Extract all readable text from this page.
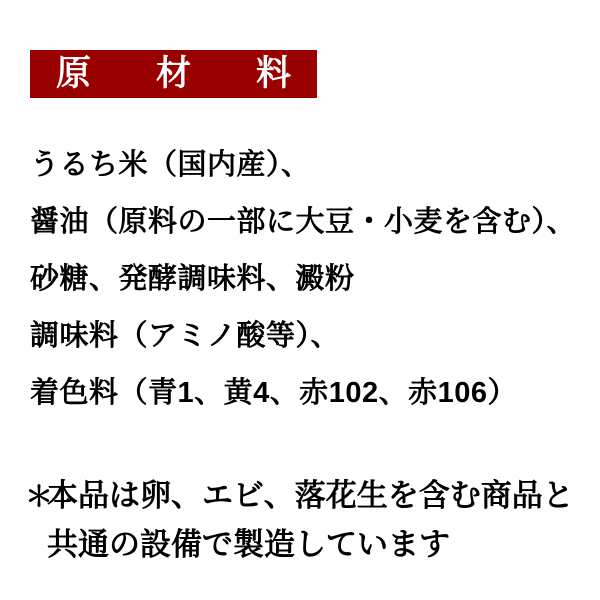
原 材 料
うるち米（国内産）、
醤油（原料の一部に大豆・小麦を含む）、
砂糖、発酵調味料、澱粉
調味料（アミノ酸等）、
着色料（青1、黄4、赤102、赤106）
＊本品は卵、エビ、落花生を含む商品と
共通の設備で製造しています
